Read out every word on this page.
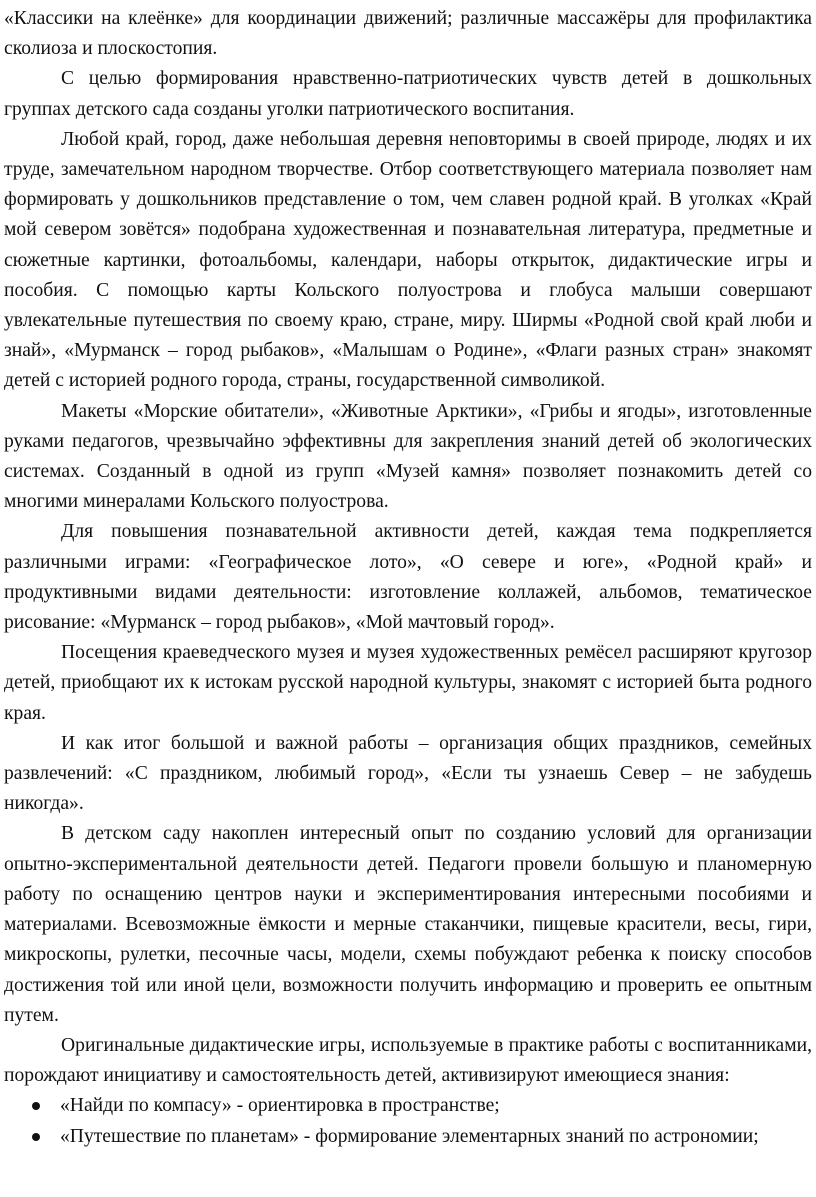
«Классики на клеёнке» для координации движений; различные массажёры для профилактика сколиоза и плоскостопия.

С целью формирования нравственно-патриотических чувств детей в дошкольных группах детского сада созданы уголки патриотического воспитания.

Любой край, город, даже небольшая деревня неповторимы в своей природе, людях и их труде, замечательном народном творчестве. Отбор соответствующего материала позволяет нам формировать у дошкольников представление о том, чем славен родной край. В уголках «Край мой севером зовётся» подобрана художественная и познавательная литература, предметные и сюжетные картинки, фотоальбомы, календари, наборы открыток, дидактические игры и пособия. С помощью карты Кольского полуострова и глобуса малыши совершают увлекательные путешествия по своему краю, стране, миру. Ширмы «Родной свой край люби и знай», «Мурманск – город рыбаков», «Малышам о Родине», «Флаги разных стран» знакомят детей с историей родного города, страны, государственной символикой.

Макеты «Морские обитатели», «Животные Арктики», «Грибы и ягоды», изготовленные руками педагогов, чрезвычайно эффективны для закрепления знаний детей об экологических системах. Созданный в одной из групп «Музей камня» позволяет познакомить детей со многими минералами Кольского полуострова.

Для повышения познавательной активности детей, каждая тема подкрепляется различными играми: «Географическое лото», «О севере и юге», «Родной край» и продуктивными видами деятельности: изготовление коллажей, альбомов, тематическое рисование: «Мурманск – город рыбаков», «Мой мачтовый город».

Посещения краеведческого музея и музея художественных ремёсел расширяют кругозор детей, приобщают их к истокам русской народной культуры, знакомят с историей быта родного края.

И как итог большой и важной работы – организация общих праздников, семейных развлечений: «С праздником, любимый город», «Если ты узнаешь Север – не забудешь никогда».

В детском саду накоплен интересный опыт по созданию условий для организации опытно-экспериментальной деятельности детей. Педагоги провели большую и планомерную работу по оснащению центров науки и экспериментирования интересными пособиями и материалами. Всевозможные ёмкости и мерные стаканчики, пищевые красители, весы, гири, микроскопы, рулетки, песочные часы, модели, схемы побуждают ребенка к поиску способов достижения той или иной цели, возможности получить информацию и проверить ее опытным путем.

Оригинальные дидактические игры, используемые в практике работы с воспитанниками, порождают инициативу и самостоятельность детей, активизируют имеющиеся знания:

«Найди по компасу» - ориентировка в пространстве;
«Путешествие по планетам» - формирование элементарных знаний по астрономии;
